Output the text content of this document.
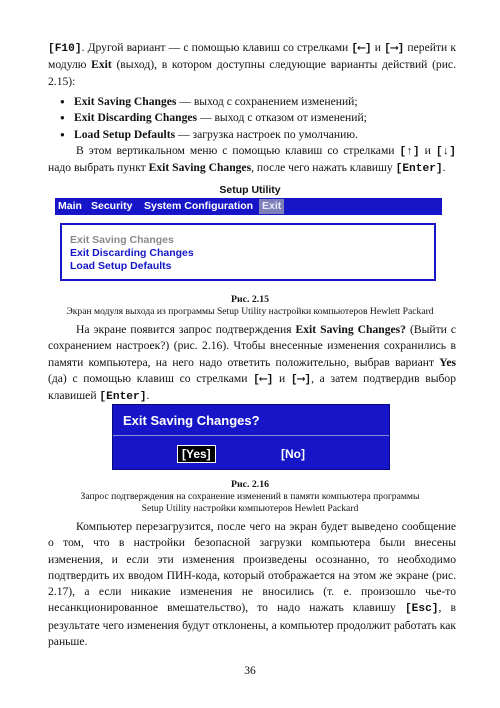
[F10]. Другой вариант — с помощью клавиш со стрелками [⟵] и [⟶] перейти к модулю Exit (выход), в котором доступны следующие варианты действий (рис. 2.15):

● Exit Saving Changes — выход с сохранением изменений;
● Exit Discarding Changes — выход с отказом от изменений;
● Load Setup Defaults — загрузка настроек по умолчанию.

В этом вертикальном меню с помощью клавиш со стрелками [↑] и [↓] надо выбрать пункт Exit Saving Changes, после чего нажать клавишу [Enter].

Setup Utility
Main Security System Configuration Exit
Exit Saving Changes
Exit Discarding Changes
Load Setup Defaults
Рис. 2.15
Экран модуля выхода из программы Setup Utility настройки компьютеров Hewlett Packard

На экране появится запрос подтверждения Exit Saving Changes? (Выйти с сохранением настроек?) (рис. 2.16). Чтобы внесенные изменения сохранились в памяти компьютера, на него надо ответить положительно, выбрав вариант Yes (да) с помощью клавиш со стрелками [⟵] и [⟶], а затем подтвердив выбор клавишей [Enter].

Exit Saving Changes?
[Yes]	[No]
Рис. 2.16
Запрос подтверждения на сохранение изменений в памяти компьютера программы
Setup Utility настройки компьютеров Hewlett Packard

Компьютер перезагрузится, после чего на экран будет выведено сообщение о том, что в настройки безопасной загрузки компьютера были внесены изменения, и если эти изменения произведены осознанно, то необходимо подтвердить их вводом ПИН-кода, который отображается на этом же экране (рис. 2.17), а если никакие изменения не вносились (т. е. произошло чье-то несанкционированное вмешательство), то надо нажать клавишу [Esc], в результате чего изменения будут отклонены, а компьютер продолжит работать как раньше.

36
